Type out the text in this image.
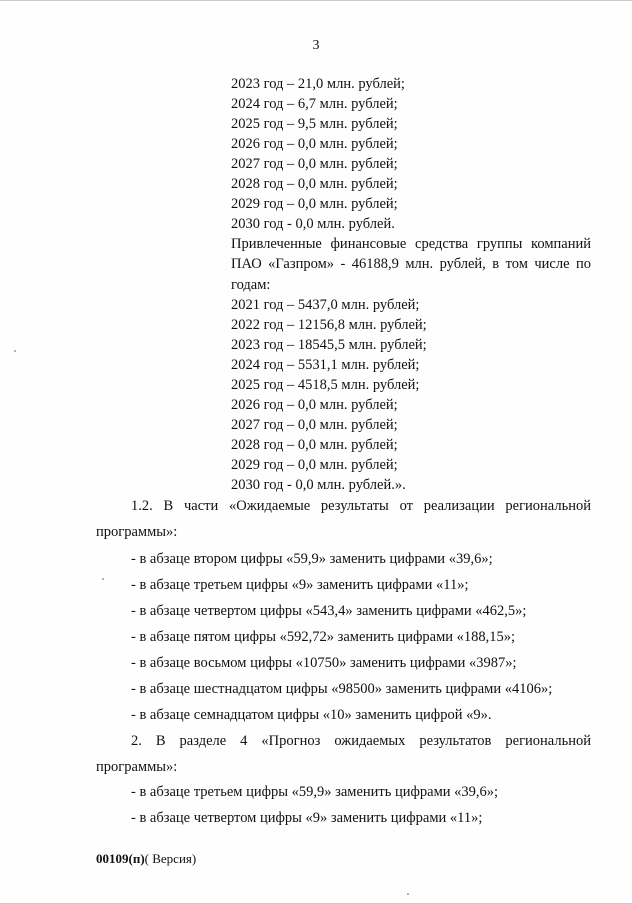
3
2023 год – 21,0 млн. рублей;
2024 год – 6,7 млн. рублей;
2025 год – 9,5 млн. рублей;
2026 год – 0,0 млн. рублей;
2027 год – 0,0 млн. рублей;
2028 год – 0,0 млн. рублей;
2029 год – 0,0 млн. рублей;
2030 год - 0,0 млн. рублей.
Привлеченные финансовые средства группы компаний ПАО «Газпром» - 46188,9 млн. рублей, в том числе по годам:
2021 год – 5437,0 млн. рублей;
2022 год – 12156,8 млн. рублей;
2023 год – 18545,5 млн. рублей;
2024 год – 5531,1 млн. рублей;
2025 год – 4518,5 млн. рублей;
2026 год – 0,0 млн. рублей;
2027 год – 0,0 млн. рублей;
2028 год – 0,0 млн. рублей;
2029 год – 0,0 млн. рублей;
2030 год - 0,0 млн. рублей.».
1.2. В части «Ожидаемые результаты от реализации региональной программы»:
- в абзаце втором цифры «59,9» заменить цифрами «39,6»;
- в абзаце третьем цифры «9» заменить цифрами «11»;
- в абзаце четвертом цифры «543,4» заменить цифрами «462,5»;
- в абзаце пятом цифры «592,72» заменить цифрами «188,15»;
- в абзаце восьмом цифры «10750» заменить цифрами «3987»;
- в абзаце шестнадцатом цифры «98500» заменить цифрами «4106»;
- в абзаце семнадцатом цифры «10» заменить цифрой «9».
2. В разделе 4 «Прогноз ожидаемых результатов региональной программы»:
- в абзаце третьем цифры «59,9» заменить цифрами «39,6»;
- в абзаце четвертом цифры «9» заменить цифрами «11»;
00109(п)( Версия)
